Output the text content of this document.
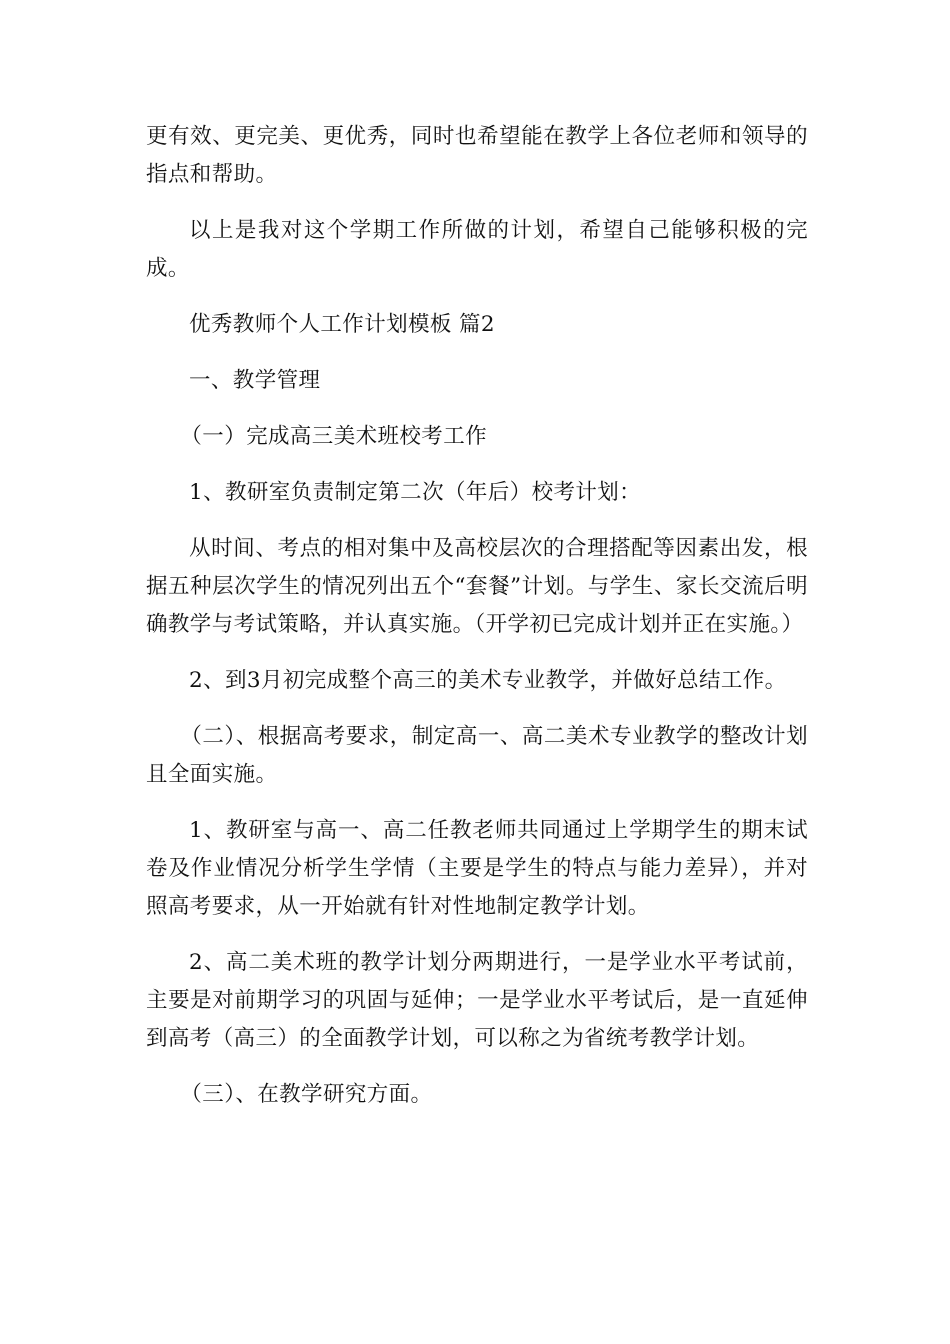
更有效、更完美、更优秀，同时也希望能在教学上各位老师和领导的指点和帮助。

以上是我对这个学期工作所做的计划，希望自己能够积极的完成。

优秀教师个人工作计划模板 篇2

一、教学管理

（一）完成高三美术班校考工作

1、教研室负责制定第二次（年后）校考计划：

从时间、考点的相对集中及高校层次的合理搭配等因素出发，根据五种层次学生的情况列出五个“套餐”计划。与学生、家长交流后明确教学与考试策略，并认真实施。（开学初已完成计划并正在实施。）

2、到3月初完成整个高三的美术专业教学，并做好总结工作。

（二）、根据高考要求，制定高一、高二美术专业教学的整改计划且全面实施。

1、教研室与高一、高二任教老师共同通过上学期学生的期末试卷及作业情况分析学生学情（主要是学生的特点与能力差异），并对照高考要求，从一开始就有针对性地制定教学计划。

2、高二美术班的教学计划分两期进行，一是学业水平考试前，主要是对前期学习的巩固与延伸；一是学业水平考试后，是一直延伸到高考（高三）的全面教学计划，可以称之为省统考教学计划。

（三）、在教学研究方面。
